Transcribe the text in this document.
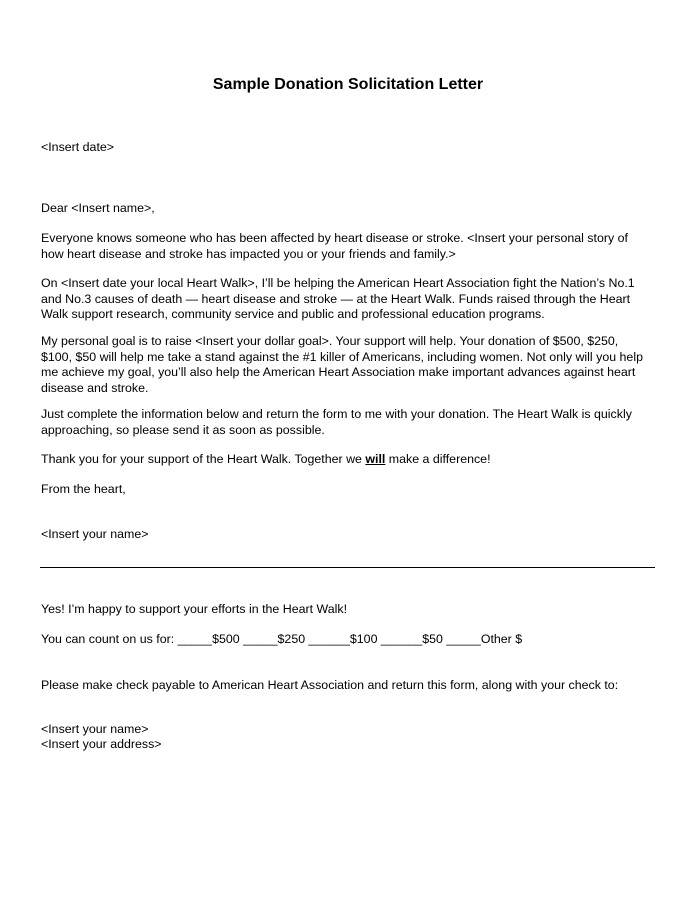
Sample Donation Solicitation Letter
<Insert date>
Dear <Insert name>,
Everyone knows someone who has been affected by heart disease or stroke. <Insert your personal story of
how heart disease and stroke has impacted you or your friends and family.>
On <Insert date your local Heart Walk>, I’ll be helping the American Heart Association fight the Nation’s No.1
and No.3 causes of death — heart disease and stroke — at the Heart Walk. Funds raised through the Heart
Walk support research, community service and public and professional education programs.
My personal goal is to raise <Insert your dollar goal>. Your support will help. Your donation of $500, $250,
$100, $50 will help me take a stand against the #1 killer of Americans, including women. Not only will you help
me achieve my goal, you’ll also help the American Heart Association make important advances against heart
disease and stroke.
Just complete the information below and return the form to me with your donation. The Heart Walk is quickly
approaching, so please send it as soon as possible.
Thank you for your support of the Heart Walk. Together we will make a difference!
From the heart,
<Insert your name>
Yes! I’m happy to support your efforts in the Heart Walk!
You can count on us for: _____$500 _____$250 ______$100 ______$50 _____Other $
Please make check payable to American Heart Association and return this form, along with your check to:
<Insert your name>
<Insert your address>
